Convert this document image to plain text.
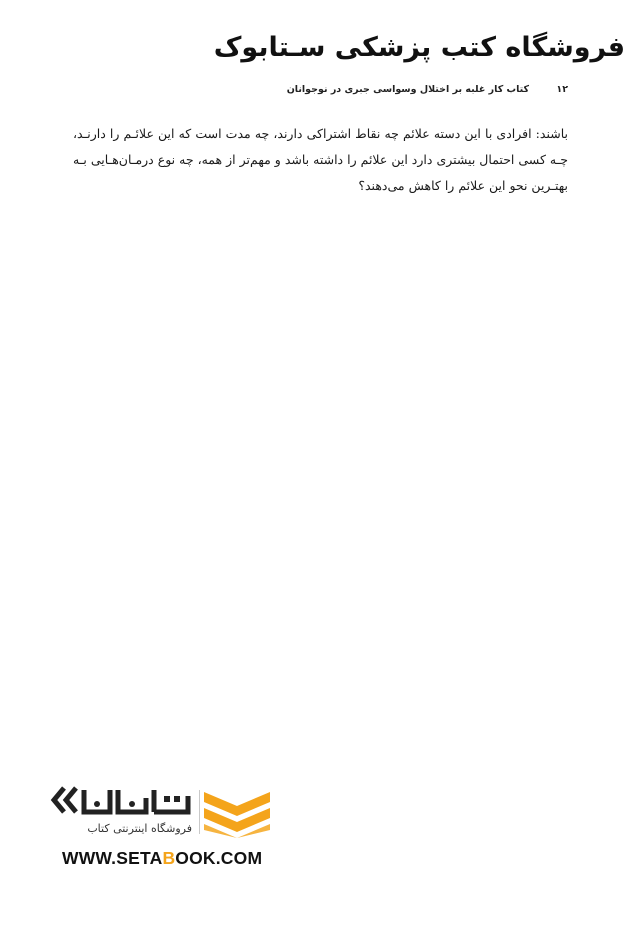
فروشگاه کتب پزشکی سـتابوک
۱۲ کتاب کار غلبه بر اختلال وسواسی جبری در نوجوانان
باشند: افرادی با این دسته علائم چه نقاط اشتراکی دارند، چه مدت است که این علائـم را دارنـد، چـه کسی احتمال بیشتری دارد این علائم را داشته باشد و مهم‌تر از همه، چه نوع درمـان‌هـایی بـه بهتـرین نحو این علائم را کاهش می‌دهند؟
فروشگاه اینترنتی کتاب
WWW.SETABOOK.COM
